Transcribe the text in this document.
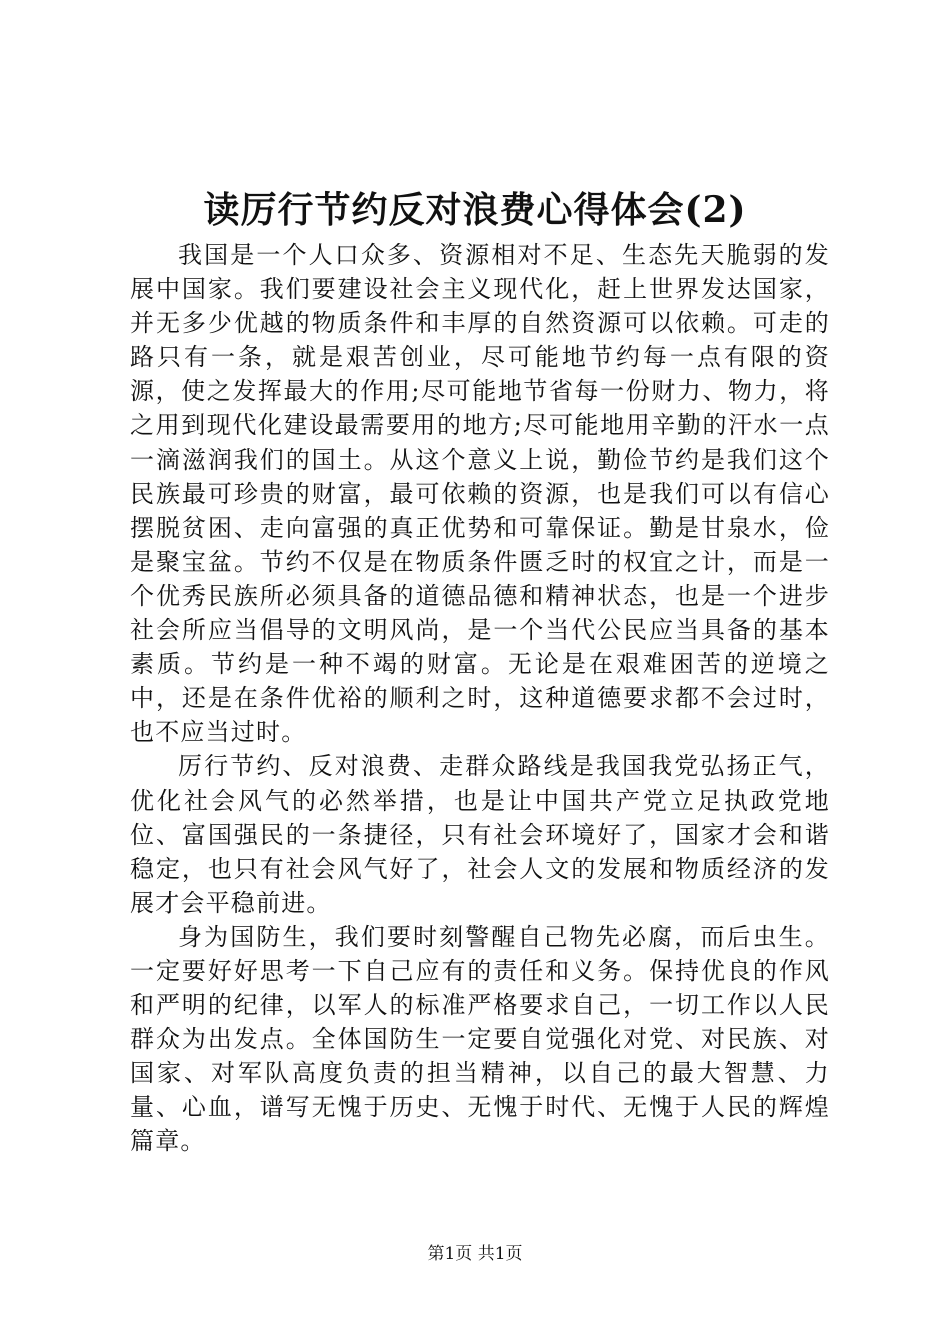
读厉行节约反对浪费心得体会(2)

我国是一个人口众多、资源相对不足、生态先天脆弱的发展中国家。我们要建设社会主义现代化，赶上世界发达国家，并无多少优越的物质条件和丰厚的自然资源可以依赖。可走的路只有一条，就是艰苦创业，尽可能地节约每一点有限的资源，使之发挥最大的作用;尽可能地节省每一份财力、物力，将之用到现代化建设最需要用的地方;尽可能地用辛勤的汗水一点一滴滋润我们的国土。从这个意义上说，勤俭节约是我们这个民族最可珍贵的财富，最可依赖的资源，也是我们可以有信心摆脱贫困、走向富强的真正优势和可靠保证。勤是甘泉水，俭是聚宝盆。节约不仅是在物质条件匮乏时的权宜之计，而是一个优秀民族所必须具备的道德品德和精神状态，也是一个进步社会所应当倡导的文明风尚，是一个当代公民应当具备的基本素质。节约是一种不竭的财富。无论是在艰难困苦的逆境之中，还是在条件优裕的顺利之时，这种道德要求都不会过时，也不应当过时。

厉行节约、反对浪费、走群众路线是我国我党弘扬正气，优化社会风气的必然举措，也是让中国共产党立足执政党地位、富国强民的一条捷径，只有社会环境好了，国家才会和谐稳定，也只有社会风气好了，社会人文的发展和物质经济的发展才会平稳前进。

身为国防生，我们要时刻警醒自己物先必腐，而后虫生。一定要好好思考一下自己应有的责任和义务。保持优良的作风和严明的纪律，以军人的标准严格要求自己，一切工作以人民群众为出发点。全体国防生一定要自觉强化对党、对民族、对国家、对军队高度负责的担当精神，以自己的最大智慧、力量、心血，谱写无愧于历史、无愧于时代、无愧于人民的辉煌篇章。

第1页 共1页
